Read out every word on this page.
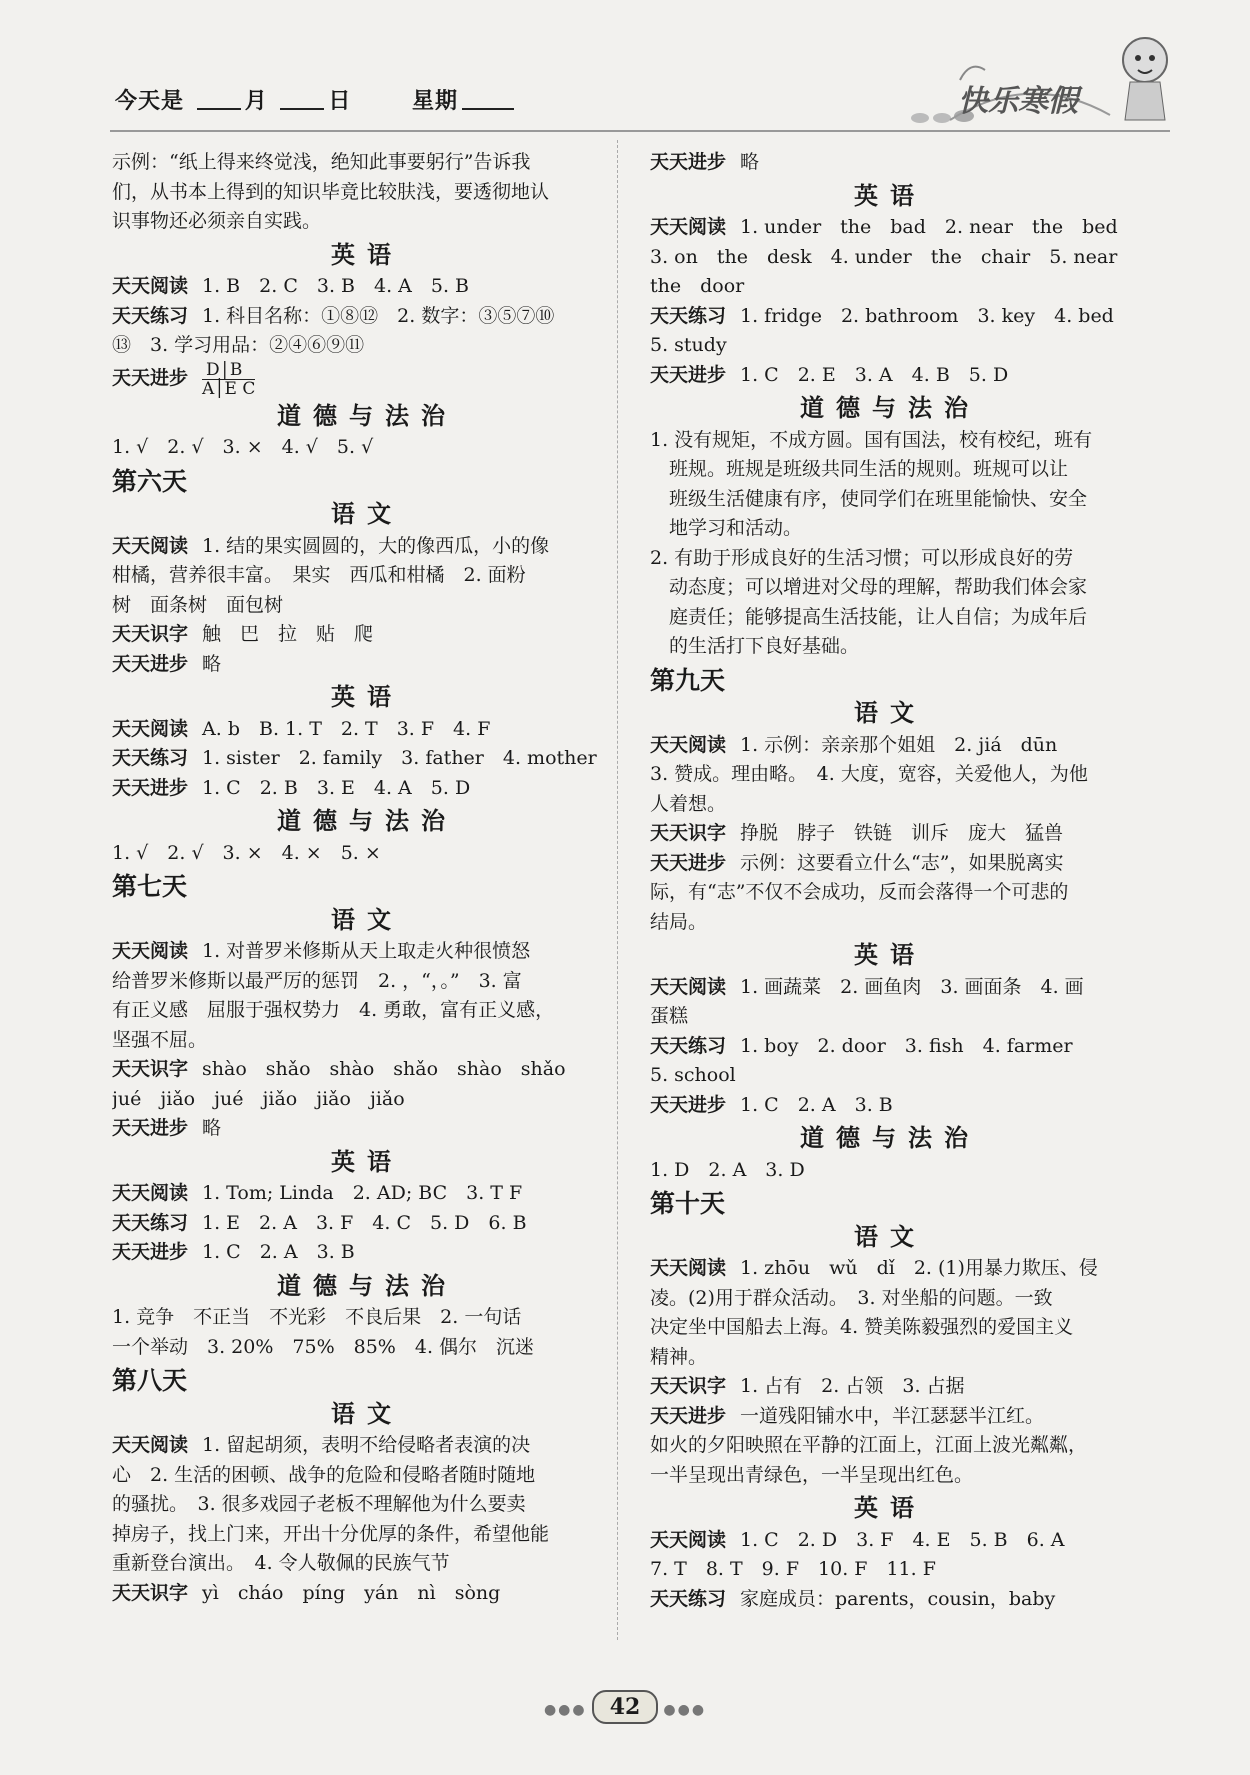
今天是	月	日	星期	快乐寒假
示例：“纸上得来终觉浅，绝知此事要躬行”告诉我
们，从书本上得到的知识毕竟比较肤浅，要透彻地认
识事物还必须亲自实践。
英语
天天阅读 1. B　2. C　3. B　4. A　5. B
天天练习 1. 科目名称：①⑧⑫　2. 数字：③⑤⑦⑩
⑬　3. 学习用品：②④⑥⑨⑪
天天进步 $\frac{D│B}{\text{A│E C}}$
道德与法治
1. √　2. √　3. ×　4. √　5. √
第六天
语文
天天阅读 1. 结的果实圆圆的，大的像西瓜，小的像
柑橘，营养很丰富。　果实　西瓜和柑橘　2. 面粉
树　面条树　面包树
天天识字 触　巴　拉　贴　爬
天天进步 略
英语
天天阅读 A. b　B. 1. T　2. T　3. F　4. F
天天练习 1. sister　2. family　3. father　4. mother
天天进步 1. C　2. B　3. E　4. A　5. D
道德与法治
1. √　2. √　3. ×　4. ×　5. ×
第七天
语文
天天阅读 1. 对普罗米修斯从天上取走火种很愤怒
给普罗米修斯以最严厉的惩罚　2. ，“，。”　3. 富
有正义感　屈服于强权势力　4. 勇敢，富有正义感，
坚强不屈。
天天识字 shào　shǎo　shào　shǎo　shào　shǎo
jué　jiǎo　jué　jiǎo　jiǎo　jiǎo
天天进步 略
英语
天天阅读 1. Tom; Linda　2. AD; BC　3. T F
天天练习 1. E　2. A　3. F　4. C　5. D　6. B
天天进步 1. C　2. A　3. B
道德与法治
1. 竞争　不正当　不光彩　不良后果　2. 一句话
一个举动　3. 20%　75%　85%　4. 偶尔　沉迷
第八天
语文
天天阅读 1. 留起胡须，表明不给侵略者表演的决
心　2. 生活的困顿、战争的危险和侵略者随时随地
的骚扰。　3. 很多戏园子老板不理解他为什么要卖
掉房子，找上门来，开出十分优厚的条件，希望他能
重新登台演出。　4. 令人敬佩的民族气节
天天识字 yì　cháo　píng　yán　nì　sòng
天天进步 略
英语
天天阅读 1. under　the　bad　2. near　the　bed
3. on　the　desk　4. under　the　chair　5. near
the　door
天天练习 1. fridge　2. bathroom　3. key　4. bed
5. study
天天进步 1. C　2. E　3. A　4. B　5. D
道德与法治
1. 没有规矩，不成方圆。国有国法，校有校纪，班有
　班规。班规是班级共同生活的规则。班规可以让
　班级生活健康有序，使同学们在班里能愉快、安全
　地学习和活动。
2. 有助于形成良好的生活习惯；可以形成良好的劳
　动态度；可以增进对父母的理解，帮助我们体会家
　庭责任；能够提高生活技能，让人自信；为成年后
　的生活打下良好基础。
第九天
语文
天天阅读 1. 示例：亲亲那个姐姐　2. jiá　dūn
3. 赞成。理由略。　4. 大度，宽容，关爱他人，为他
人着想。
天天识字 挣脱　脖子　铁链　训斥　庞大　猛兽
天天进步 示例：这要看立什么“志”，如果脱离实
际，有“志”不仅不会成功，反而会落得一个可悲的
结局。
英语
天天阅读 1. 画蔬菜　2. 画鱼肉　3. 画面条　4. 画
蛋糕
天天练习 1. boy　2. door　3. fish　4. farmer
5. school
天天进步 1. C　2. A　3. B
道德与法治
1. D　2. A　3. D
第十天
语文
天天阅读 1. zhōu　wǔ　dǐ　2. (1)用暴力欺压、侵
凌。(2)用于群众活动。　3. 对坐船的问题。一致
决定坐中国船去上海。4. 赞美陈毅强烈的爱国主义
精神。
天天识字 1. 占有　2. 占领　3. 占据
天天进步 一道残阳铺水中，半江瑟瑟半江红。
如火的夕阳映照在平静的江面上，江面上波光粼粼，
一半呈现出青绿色，一半呈现出红色。
英语
天天阅读 1. C　2. D　3. F　4. E　5. B　6. A
7. T　8. T　9. F　10. F　11. F
天天练习 家庭成员：parents，cousin，baby
●●● 42 ●●●
